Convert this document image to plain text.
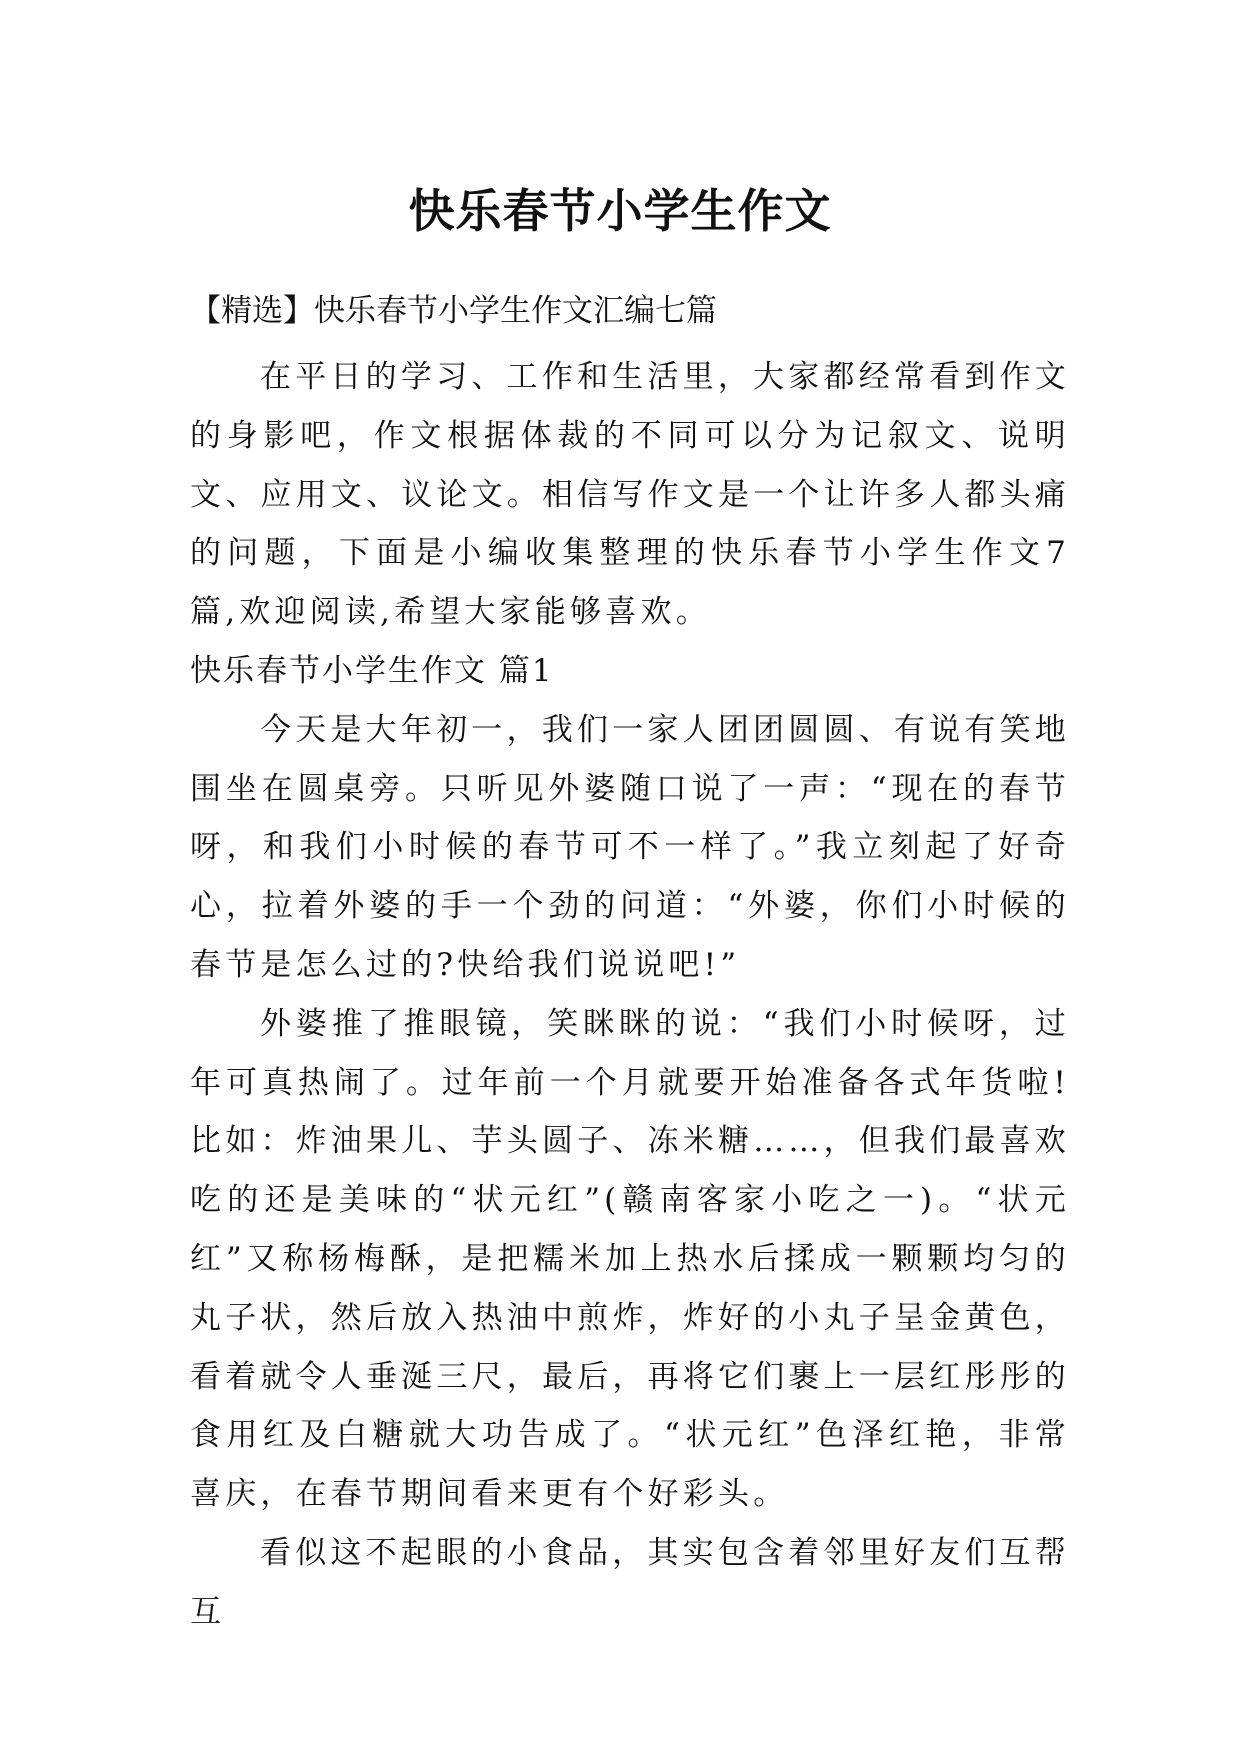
快乐春节小学生作文
【精选】快乐春节小学生作文汇编七篇

在平日的学习、工作和生活里，大家都经常看到作文的身影吧，作文根据体裁的不同可以分为记叙文、说明文、应用文、议论文。相信写作文是一个让许多人都头痛的问题，下面是小编收集整理的快乐春节小学生作文7篇,欢迎阅读,希望大家能够喜欢。

快乐春节小学生作文 篇1

今天是大年初一，我们一家人团团圆圆、有说有笑地围坐在圆桌旁。只听见外婆随口说了一声：“现在的春节呀，和我们小时候的春节可不一样了。”我立刻起了好奇心，拉着外婆的手一个劲的问道：“外婆，你们小时候的春节是怎么过的?快给我们说说吧!”

外婆推了推眼镜，笑眯眯的说：“我们小时候呀，过年可真热闹了。过年前一个月就要开始准备各式年货啦!比如：炸油果儿、芋头圆子、冻米糖……，但我们最喜欢吃的还是美味的“状元红”(赣南客家小吃之一)。“状元红”又称杨梅酥，是把糯米加上热水后揉成一颗颗均匀的丸子状，然后放入热油中煎炸，炸好的小丸子呈金黄色，看着就令人垂涎三尺，最后，再将它们裹上一层红彤彤的食用红及白糖就大功告成了。“状元红”色泽红艳，非常喜庆，在春节期间看来更有个好彩头。

看似这不起眼的小食品，其实包含着邻里好友们互帮互
